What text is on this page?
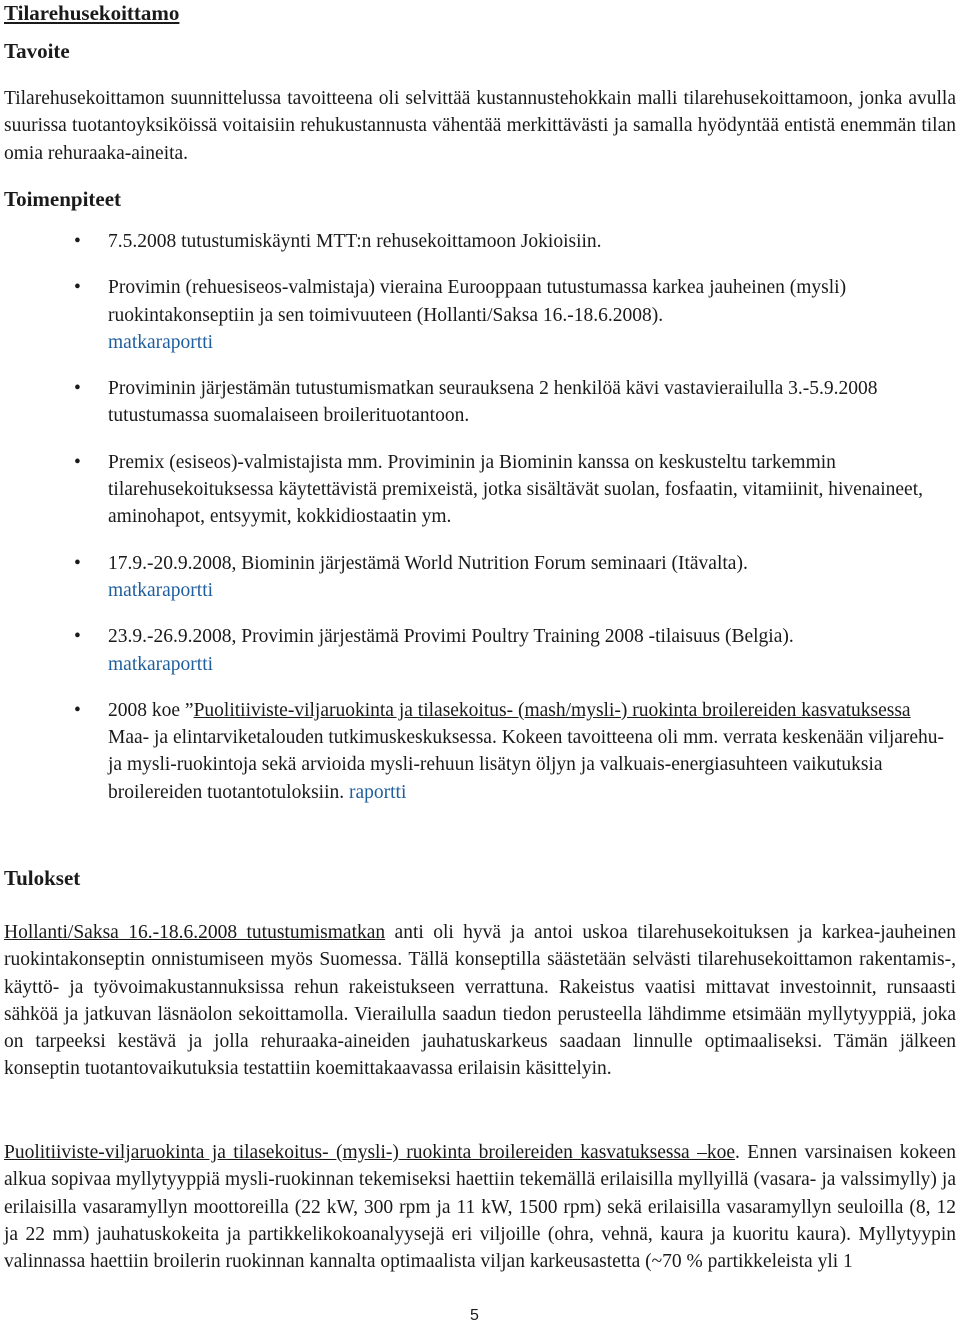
Tilarehusekoittamo
Tavoite
Tilarehusekoittamon suunnittelussa tavoitteena oli selvittää kustannustehokkain malli tilarehusekoittamoon, jonka avulla suurissa tuotantoyksiköissä voitaisiin rehukustannusta vähentää merkittävästi ja samalla hyödyntää entistä enemmän tilan omia rehuraaka-aineita.
Toimenpiteet
• 7.5.2008 tutustumiskäynti MTT:n rehusekoittamoon Jokioisiin.
• Provimin (rehuesiseos-valmistaja) vieraina Eurooppaan tutustumassa karkea jauheinen (mysli) ruokintakonseptiin ja sen toimivuuteen (Hollanti/Saksa 16.-18.6.2008).
matkaraportti
• Proviminin järjestämän tutustumismatkan seurauksena 2 henkilöä kävi vastavierailulla 3.-5.9.2008 tutustumassa suomalaiseen broilerituotantoon.
• Premix (esiseos)-valmistajista mm. Proviminin ja Biominin kanssa on keskusteltu tarkemmin tilarehusekoituksessa käytettävistä premixeistä, jotka sisältävät suolan, fosfaatin, vitamiinit, hivenaineet, aminohapot, entsyymit, kokkidiostaatin ym.
• 17.9.-20.9.2008, Biominin järjestämä World Nutrition Forum seminaari (Itävalta).
matkaraportti
• 23.9.-26.9.2008, Provimin järjestämä Provimi Poultry Training 2008 -tilaisuus (Belgia).
matkaraportti
• 2008 koe ”Puolitiiviste-viljaruokinta ja tilasekoitus- (mash/mysli-) ruokinta broilereiden kasvatuksessa Maa- ja elintarviketalouden tutkimuskeskuksessa. Kokeen tavoitteena oli mm. verrata keskenään viljarehu- ja mysli-ruokintoja sekä arvioida mysli-rehuun lisätyn öljyn ja valkuais-energiasuhteen vaikutuksia broilereiden tuotantotuloksiin. raportti
Tulokset
Hollanti/Saksa 16.-18.6.2008 tutustumismatkan anti oli hyvä ja antoi uskoa tilarehusekoituksen ja karkea-jauheinen ruokintakonseptin onnistumiseen myös Suomessa. Tällä konseptilla säästetään selvästi tilarehusekoittamon rakentamis-, käyttö- ja työvoimakustannuksissa rehun rakeistukseen verrattuna. Rakeistus vaatisi mittavat investoinnit, runsaasti sähköä ja jatkuvan läsnäolon sekoittamolla. Vierailulla saadun tiedon perusteella lähdimme etsimään myllytyyppiä, joka on tarpeeksi kestävä ja jolla rehuraaka-aineiden jauhatuskarkeus saadaan linnulle optimaaliseksi. Tämän jälkeen konseptin tuotantovaikutuksia testattiin koemittakaavassa erilaisin käsittelyin.
Puolitiiviste-viljaruokinta ja tilasekoitus- (mysli-) ruokinta broilereiden kasvatuksessa –koe. Ennen varsinaisen kokeen alkua sopivaa myllytyyppiä mysli-ruokinnan tekemiseksi haettiin tekemällä erilaisilla myllyillä (vasara- ja valssimylly) ja erilaisilla vasaramyllyn moottoreilla (22 kW, 300 rpm ja 11 kW, 1500 rpm) sekä erilaisilla vasaramyllyn seuloilla (8, 12 ja 22 mm) jauhatuskokeita ja partikkelikokoanalyysejä eri viljoille (ohra, vehnä, kaura ja kuoritu kaura). Myllytyypin valinnassa haettiin broilerin ruokinnan kannalta optimaalista viljan karkeusastetta (~70 % partikkeleista yli 1
5
